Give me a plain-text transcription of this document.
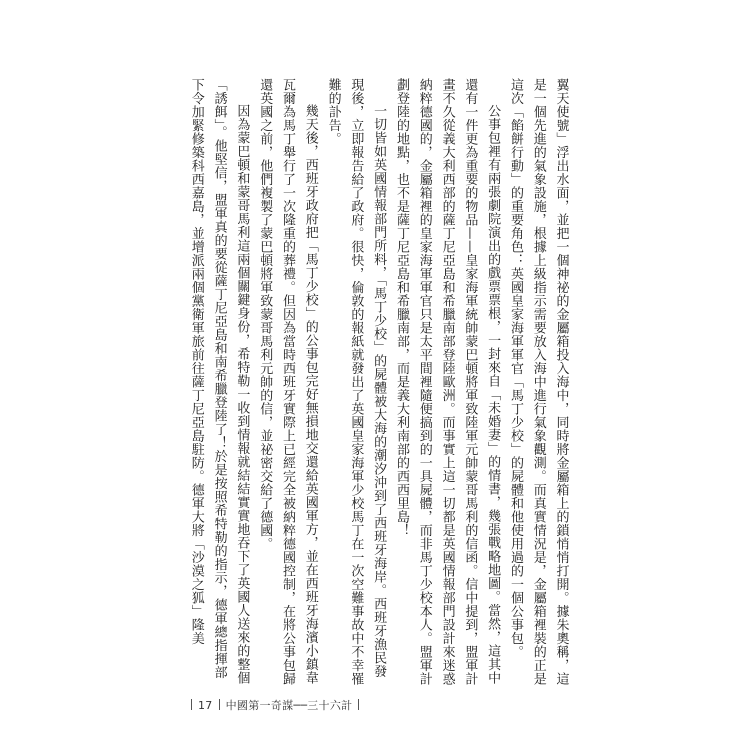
翼天使號」浮出水面，並把一個神祕的金屬箱投入海中，同時將金屬箱上的鎖悄悄打開。據朱奧稱，這是一個先進的氣象設施，根據上級指示需要放入海中進行氣象觀測。而真實情況是，金屬箱裡裝的正是這次「餡餅行動」的重要角色：英國皇家海軍軍官「馬丁少校」的屍體和他使用過的一個公事包。

公事包裡有兩張劇院演出的戲票票根，一封來自「未婚妻」的情書，幾張戰略地圖。當然，這其中還有一件更為重要的物品——皇家海軍統帥蒙巴頓將軍致陸軍元帥蒙哥馬利的信函。信中提到，盟軍計畫不久從義大利西部的薩丁尼亞島和希臘南部登陸歐洲。而事實上這一切都是英國情報部門設計來迷惑納粹德國的，金屬箱裡的皇家海軍軍官只是太平間裡隨便搞到的一具屍體，而非馬丁少校本人。盟軍計劃登陸的地點，也不是薩丁尼亞島和希臘南部，而是義大利南部的西西里島！

一切皆如英國情報部門所料，「馬丁少校」的屍體被大海的潮汐沖到了西班牙海岸。西班牙漁民發現後，立即報告給了政府。很快，倫敦的報紙就發出了英國皇家海軍少校馬丁在一次空難事故中不幸罹難的訃告。

幾天後，西班牙政府把「馬丁少校」的公事包完好無損地交還給英國軍方，並在西班牙海濱小鎮韋瓦爾為馬丁舉行了一次隆重的葬禮。但因為當時西班牙實際上已經完全被納粹德國控制，在將公事包歸還英國之前，他們複製了蒙巴頓將軍致蒙哥馬利元帥的信，並祕密交給了德國。

因為蒙巴頓和蒙哥馬利這兩個關鍵身份，希特勒一收到情報就結結實實地吞下了英國人送來的整個「誘餌」。他堅信，盟軍真的要從薩丁尼亞島和南希臘登陸了！於是按照希特勒的指示，德軍總指揮部下令加緊修築科西嘉島，並增派兩個黨衛軍旅前往薩丁尼亞島駐防。德軍大將「沙漠之狐」隆美

17 中國第一奇謀──三十六計
